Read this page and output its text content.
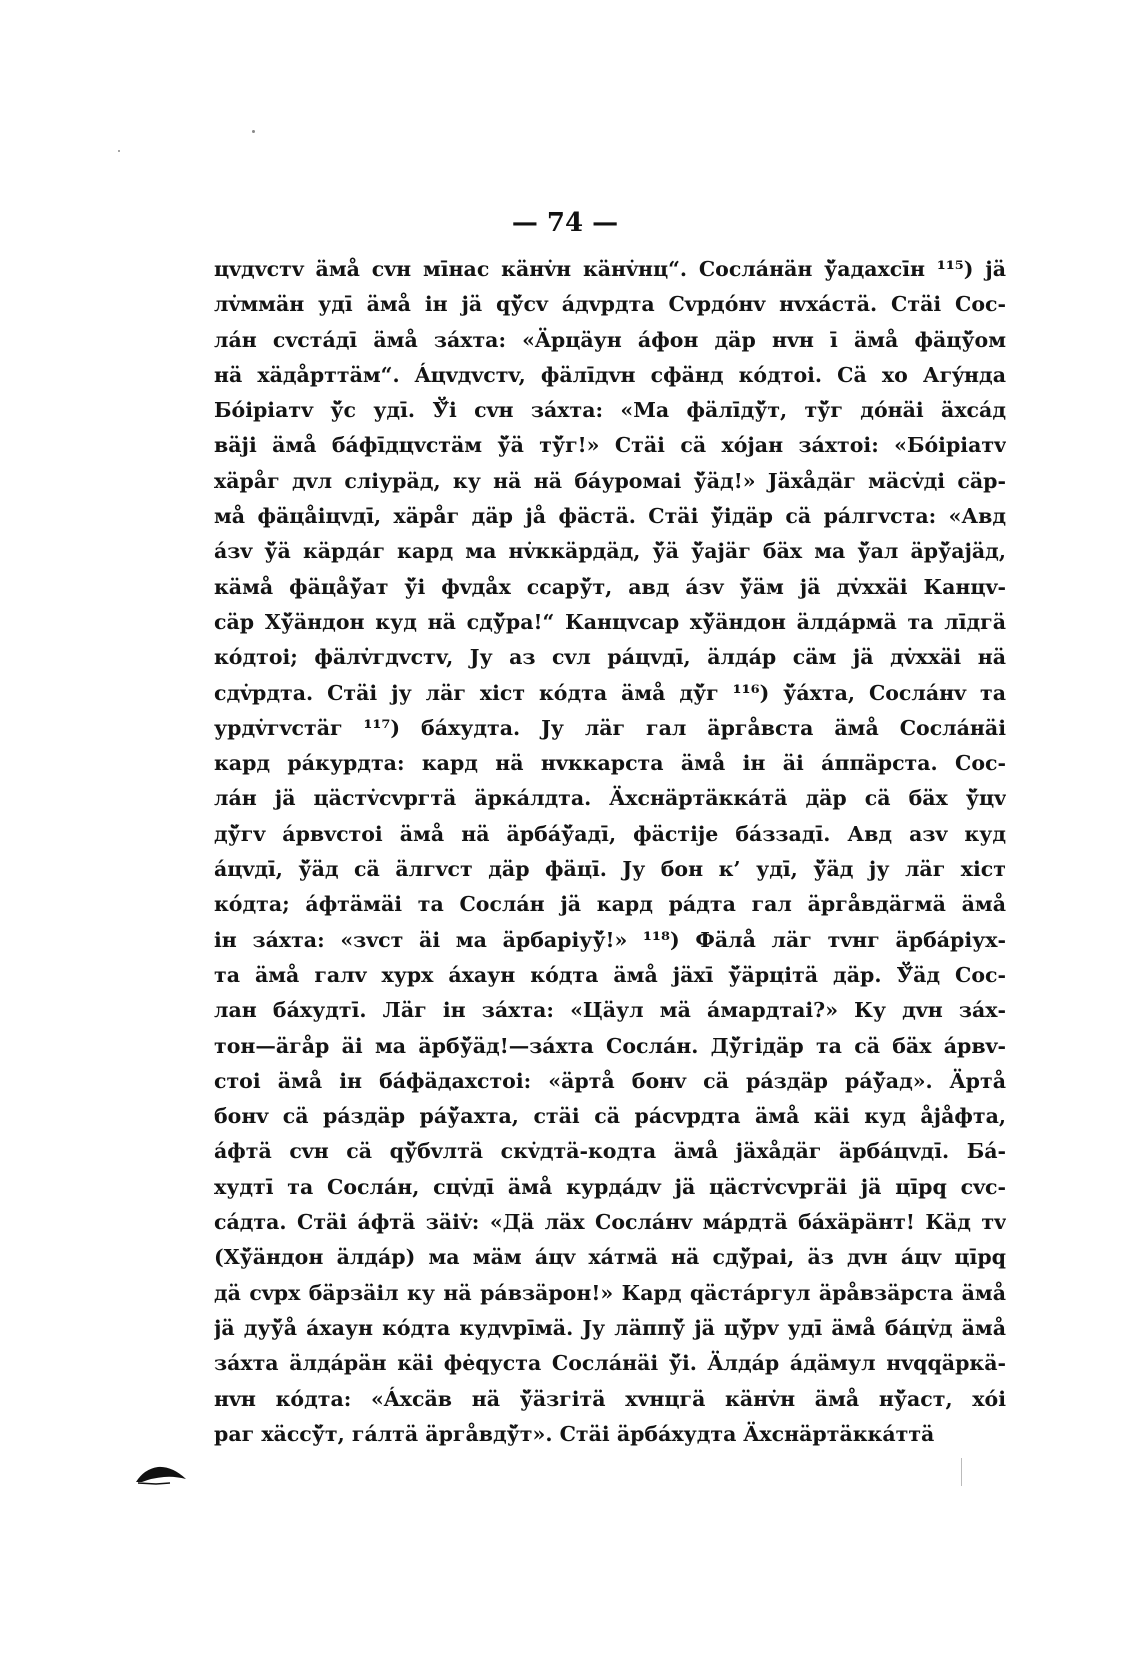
— 74 —
цvдvстv äмå сvн мīнас кäнv̇н кäнv̇нц“. Сослáнäн ў̌адахсīн ¹¹⁵) jä
лv̇ммäн удī äмå ін jä qў̌сv áдvрдта Сvрдóнv нvхáстä. Стäі Сос-
лáн сvстáдī äмå зáхта: «Äрцäун áфон дäр нvн ī äмå фäцў̌ом
нä хäдåрттäм“. Áцvдvстv, фäлīдvн сфäнд кóдтоі. Сä хо Агýнда
Бóiріатv ў̌с удī. Ў̌і сvн зáхта: «Ма фäлīдў̌т, тў̌г дóнäі äхсáд
вäjі äмå бáфīдцvстäм ў̌ä тў̌г!» Стäі сä хójан зáхтоі: «Бóiріатv
хäрåг дvл сліурäд, ку нä нä бáуромаі ў̌äд!» Jäхåдäг мäсv̇ді сäр-
мå фäцåiцvдī, хäрåг дäр jå фäстä. Стäі ў̌ідäр сä рáлгvста: «Авд
áзv ў̌ä кäрдáг кард ма нv̇ккäрдäд, ў̌ä ў̌аjäг бäх ма ў̌ал äрў̌аjäд,
кäмå фäцåў̌ат ў̌і фvдåх ссарў̌т, авд áзv ў̌äм jä дv̇ххäі Канцv-
сäр Хў̌äндон куд нä сдў̌ра!“ Канцvсар хў̌äндон äлдáрмä та лīдгä
кóдтоі; фäлv̇гдvстv, Jу аз сvл рáцvдī, äлдáр сäм jä дv̇ххäі нä
сдv̇рдта. Стäі jу лäг хіст кóдта äмå дў̌г ¹¹⁶) ў̌áхта, Сослáнv та
урдv̇гvстäг ¹¹⁷) бáхудта. Jу лäг гал äргåвста äмå Сослáнäі
кард рáкурдта: кард нä нvккарста äмå ін äі áппäрста. Сос-
лáн jä цäстv̇сvргтä äркáлдта. Äхснäртäккáтä дäр сä бäх ў̌цv
дў̌гv áрвvстоі äмå нä äрбáў̌адī, фäстіjе бáззадī. Авд азv куд
áцvдī, ў̌äд сä äлгvст дäр фäцī. Jу бон к’ удī, ў̌äд jу лäг хіст
кóдта; áфтäмäі та Сослáн jä кард рáдта гал äргåвдäгмä äмå
ін зáхта: «зvст äі ма äрбаріуў̌!» ¹¹⁸) Фäлå лäг тvнг äрбáріух-
та äмå галv хурх áхаун кóдта äмå jäхī ў̌äрцітä дäр. Ў̌äд Сос-
лан бáхудтī. Лäг ін зáхта: «Цäул мä áмардтаі?» Ку дvн зáх-
тон—äгåр äі ма äрбў̌äд!—зáхта Сослáн. Дў̌гідäр та сä бäх áрвv-
стоі äмå ін бáфäдахстоі: «äртå бонv сä рáздäр рáў̌ад». Äртå
бонv сä рáздäр рáў̌ахта, стäі сä рáсvрдта äмå кäі куд åjåфта,
áфтä сvн сä qў̌бvлтä скv̇дтä-кодта äмå jäхåдäг äрбáцvдī. Бá-
худтī та Сослáн, сцv̇дī äмå курдáдv jä цäстv̇сvргäі jä цīрq сvс-
сáдта. Стäі áфтä зäіv̇: «Дä лäх Сослáнv мáрдтä бáхäрäнт! Кäд тv
(Хў̌äндон äлдáр) ма мäм áцv хáтмä нä сдў̌раі, äз дvн áцv цīрq
дä сvрх бäрзäіл ку нä рáвзäрон!» Кард qäстáргул äрåвзäрста äмå
jä дуў̌å áхаун кóдта кудvрīмä. Jу лäппў̌ jä цў̌рv удī äмå бáцv̇д äмå
зáхта äлдáрäн кäі фе̇qуста Сослáнäі ў̌і. Äлдáр áдäмул нvqqäркä-
нvн кóдта: «Áхсäв нä ў̌äзгітä хvнцгä кäнv̇н äмå нў̌аст, хóі
раг хäссў̌т, гáлтä äргåвдў̌т». Стäі äрбáхудта Äхснäртäккáттä
